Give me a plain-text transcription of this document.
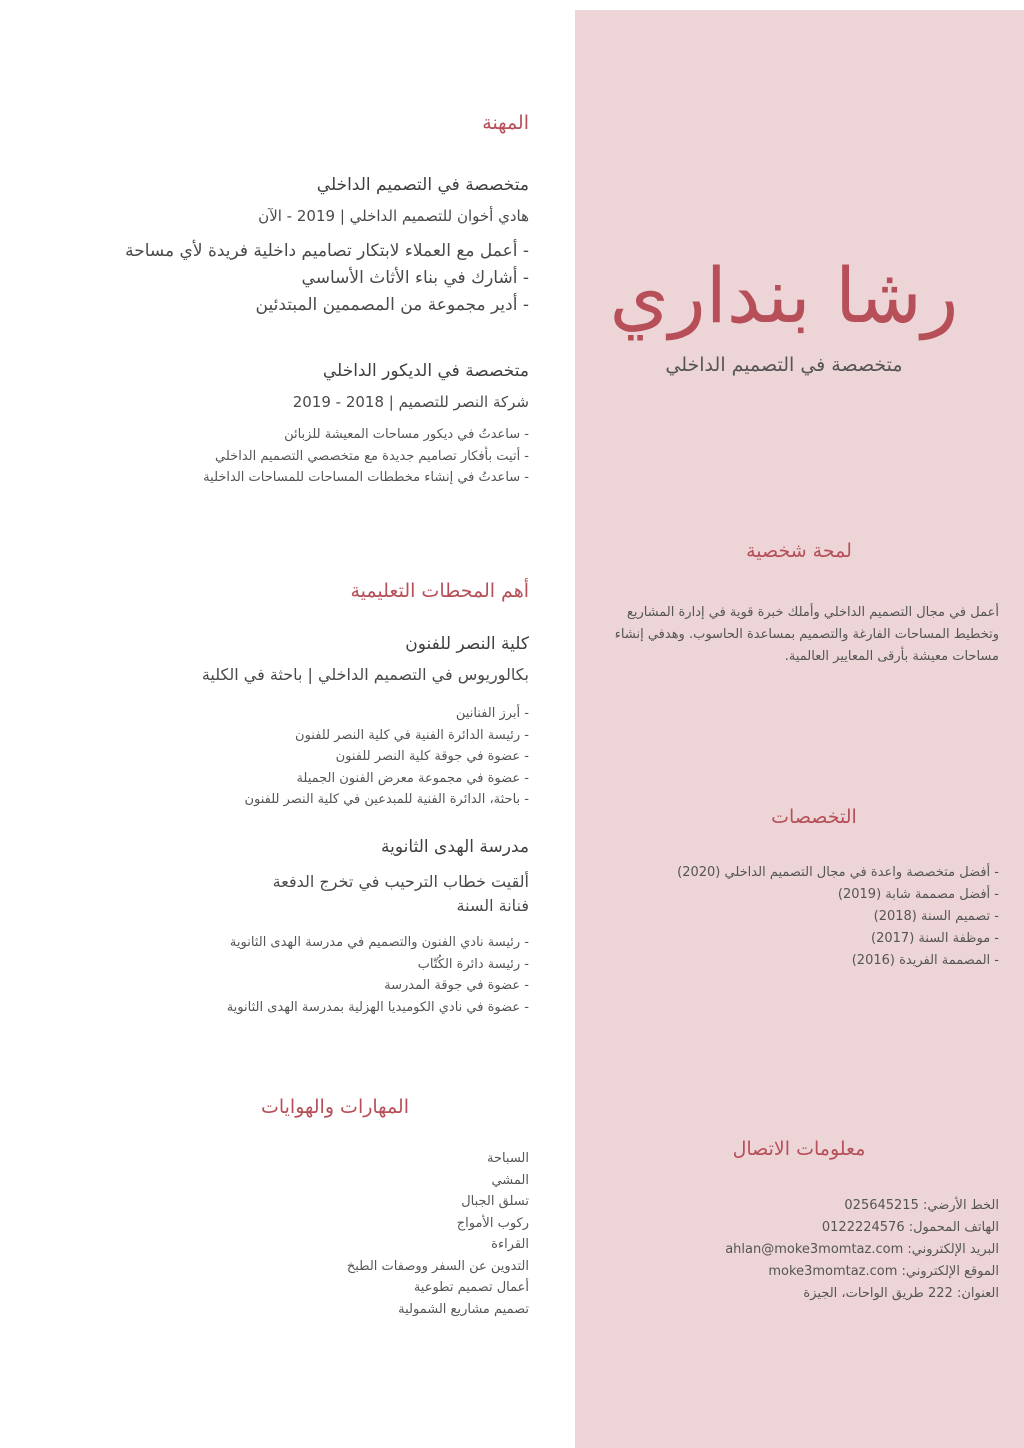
رشا بنداري
متخصصة في التصميم الداخلي
لمحة شخصية
أعمل في مجال التصميم الداخلي وأملك خبرة قوية في إدارة المشاريع وتخطيط المساحات الفارغة والتصميم بمساعدة الحاسوب. وهدفي إنشاء مساحات معيشة بأرقى المعايير العالمية.
التخصصات
- أفضل متخصصة واعدة في مجال التصميم الداخلي (2020)
- أفضل مصممة شابة (2019)
- تصميم السنة (2018)
- موظفة السنة (2017)
- المصممة الفريدة (2016)
معلومات الاتصال
الخط الأرضي: 025645215
الهاتف المحمول: 0122224576
البريد الإلكتروني: ahlan@moke3momtaz.com
الموقع الإلكتروني: moke3momtaz.com
العنوان: 222 طريق الواحات، الجيزة
المهنة
متخصصة في التصميم الداخلي
هادي أخوان للتصميم الداخلي | 2019 - الآن
- أعمل مع العملاء لابتكار تصاميم داخلية فريدة لأي مساحة
- أشارك في بناء الأثاث الأساسي
- أدير مجموعة من المصممين المبتدئين
متخصصة في الديكور الداخلي
شركة النصر للتصميم | 2018 - 2019
- ساعدتُ في ديكور مساحات المعيشة للزبائن
- أتيت بأفكار تصاميم جديدة مع متخصصي التصميم الداخلي
- ساعدتُ في إنشاء مخططات المساحات للمساحات الداخلية
أهم المحطات التعليمية
كلية النصر للفنون
بكالوريوس في التصميم الداخلي | باحثة في الكلية
- أبرز الفنانين
- رئيسة الدائرة الفنية في كلية النصر للفنون
- عضوة في جوقة كلية النصر للفنون
- عضوة في مجموعة معرض الفنون الجميلة
- باحثة، الدائرة الفنية للمبدعين في كلية النصر للفنون
مدرسة الهدى الثانوية
ألقيت خطاب الترحيب في تخرج الدفعة
فنانة السنة
- رئيسة نادي الفنون والتصميم في مدرسة الهدى الثانوية
- رئيسة دائرة الكُتّاب
- عضوة في جوقة المدرسة
- عضوة في نادي الكوميديا الهزلية بمدرسة الهدى الثانوية
المهارات والهوايات
السباحة
المشي
تسلق الجبال
ركوب الأمواج
القراءة
التدوين عن السفر ووصفات الطبخ
أعمال تصميم تطوعية
تصميم مشاريع الشمولية
